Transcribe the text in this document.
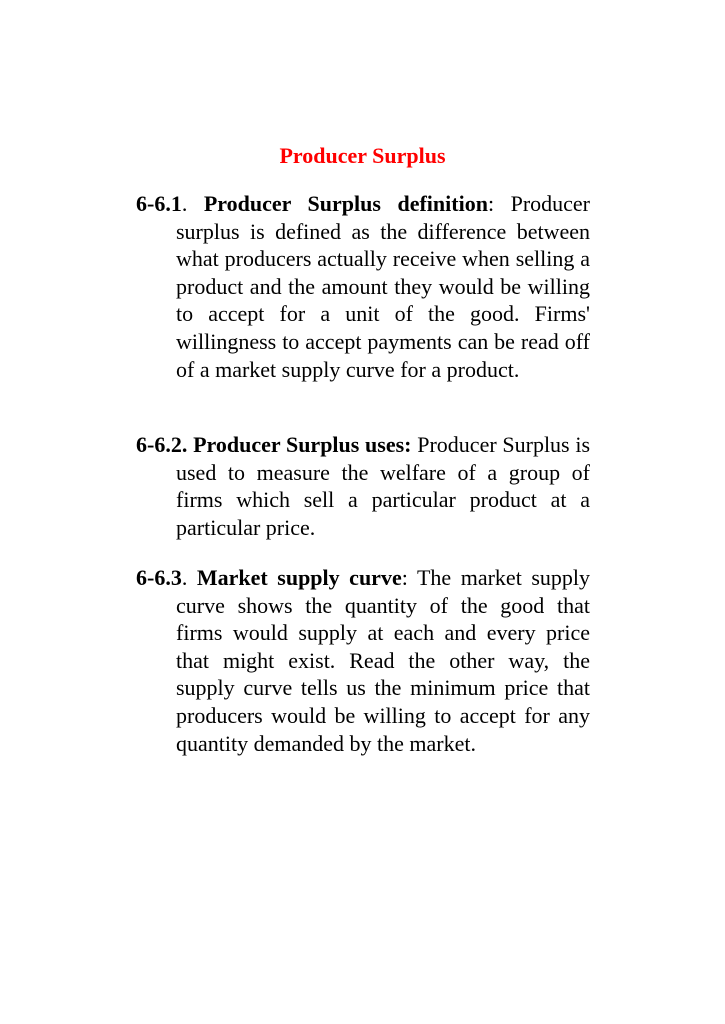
Producer Surplus

6-6.1. Producer Surplus definition: Producer surplus is defined as the difference between what producers actually receive when selling a product and the amount they would be willing to accept for a unit of the good. Firms' willingness to accept payments can be read off of a market supply curve for a product.

6-6.2. Producer Surplus uses: Producer Surplus is used to measure the welfare of a group of firms which sell a particular product at a particular price.

6-6.3. Market supply curve: The market supply curve shows the quantity of the good that firms would supply at each and every price that might exist. Read the other way, the supply curve tells us the minimum price that producers would be willing to accept for any quantity demanded by the market.
